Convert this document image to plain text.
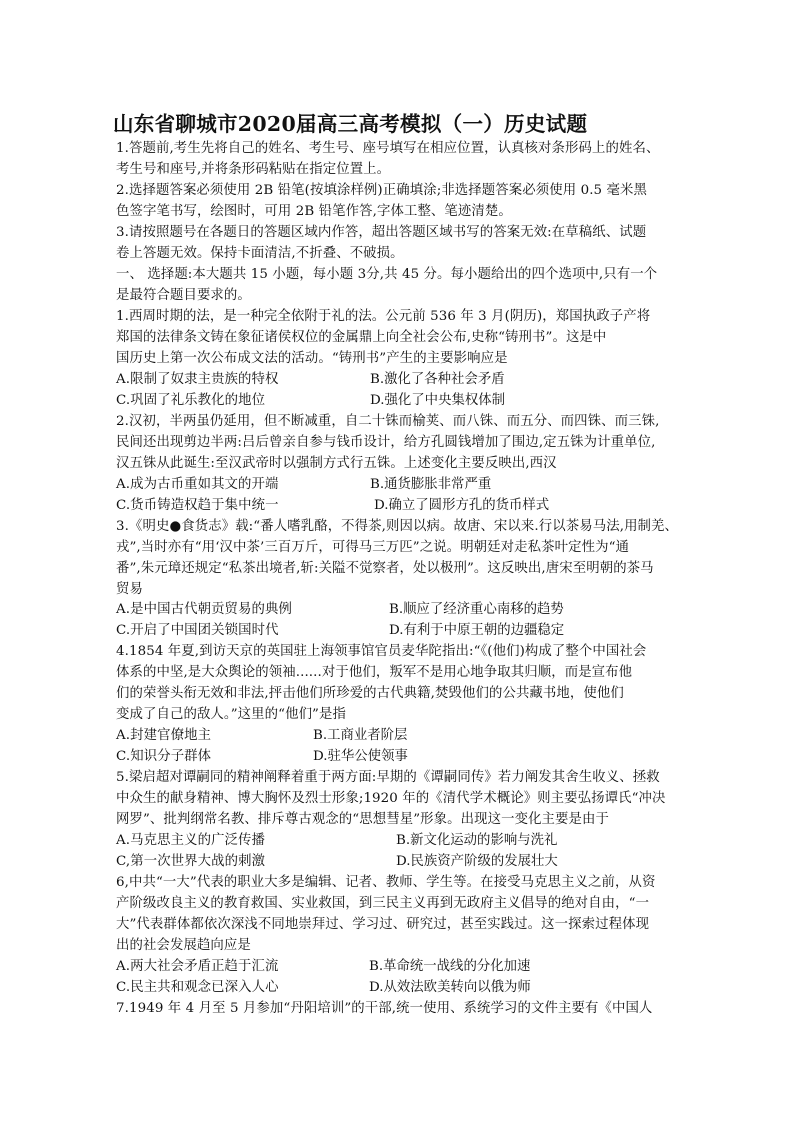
山东省聊城市2020届高三高考模拟（一）历史试题
1.答题前,考生先将自己的姓名、考生号、座号填写在相应位置，认真核对条形码上的姓名、
考生号和座号,并将条形码粘贴在指定位置上。
2.选择题答案必须使用 2B 铅笔(按填涂样例)正确填涂;非选择题答案必须使用 0.5 毫米黑
色签字笔书写，绘图时，可用 2B 铅笔作答,字体工整、笔迹清楚。
3.请按照题号在各题日的答题区域内作答，超出答题区域书写的答案无效:在草稿纸、试题
卷上答题无效。保持卡面清洁,不折叠、不破损。
一、 选择题:本大题共 15 小题，每小题 3分,共 45 分。每小题给出的四个选项中,只有一个
是最符合题目要求的。
1.西周时期的法，是一种完全依附于礼的法。公元前 536 年 3 月(阴历)，郑国执政子产将
郑国的法律条文铸在象征诸侯权位的金属鼎上向全社会公布,史称“铸刑书”。这是中
国历史上第一次公布成文法的活动。“铸刑书”产生的主要影响应是
A.限制了奴隶主贵族的特权	B.激化了各种社会矛盾
C.巩固了礼乐教化的地位	D.强化了中央集权体制
2.汉初，半两虽仍延用，但不断减重，自二十铢而榆荚、而八铢、而五分、而四铢、而三铢,
民间还出现剪边半两:吕后曾亲自参与钱币设计，给方孔圆钱增加了围边,定五铢为计重单位,
汉五铢从此诞生:至汉武帝时以强制方式行五铢。上述变化主要反映出,西汉
A.成为古币重如其文的开端	B.通货膨胀非常严重
C.货币铸造权趋于集中统一	D.确立了圆形方孔的货币样式
3.《明史●食货志》载:“番人嗜乳酪，不得茶,则因以病。故唐、宋以来.行以茶易马法,用制羌、
戎”,当时亦有“用‘汉中茶’三百万斤，可得马三万匹”之说。明朝廷对走私茶叶定性为“通
番”,朱元璋还规定“私茶出境者,斩:关隘不觉察者，处以极刑”。这反映出,唐宋至明朝的茶马
贸易
A.是中国古代朝贡贸易的典例	B.顺应了经济重心南移的趋势
C.开启了中国团关锁国时代	D.有利于中原王朝的边疆稳定
4.1854 年夏,到访天京的英国驻上海领事馆官员麦华陀指出:“《(他们)构成了整个中国社会
体系的中坚,是大众舆论的领袖......对于他们，叛军不是用心地争取其归顺，而是宣布他
们的荣誉头衔无效和非法,抨击他们所珍爱的古代典籍,焚毁他们的公共藏书地，使他们
变成了自己的敌人。”这里的“他们”是指
A.封建官僚地主	B.工商业者阶层
C.知识分子群体	D.驻华公使领事
5.梁启超对谭嗣同的精神阐释着重于两方面:早期的《谭嗣同传》若力阐发其舍生收义、拯救
中众生的献身精神、博大胸怀及烈士形象;1920 年的《清代学术概论》则主要弘扬谭氏“冲决
网罗”、批判纲常名教、排斥尊古观念的“思想彗星”形象。出现这一变化主要是由于
A.马克思主义的广泛传播	B.新文化运动的影响与洗礼
C,第一次世界大战的刺激	D.民族资产阶级的发展壮大
6,中共“一大”代表的职业大多是编辑、记者、教师、学生等。在接受马克思主义之前，从资
产阶级改良主义的教育救国、实业救国，到三民主义再到无政府主义倡导的绝对自由，“一
大”代表群体都依次深浅不同地崇拜过、学习过、研究过，甚至实践过。这一探索过程体现
出的社会发展趋向应是
A.两大社会矛盾正趋于汇流	B.革命统一战线的分化加速
C.民主共和观念已深入人心	D.从效法欧美转向以俄为师
7.1949 年 4 月至 5 月参加“丹阳培训”的干部,统一使用、系统学习的文件主要有《中国人
